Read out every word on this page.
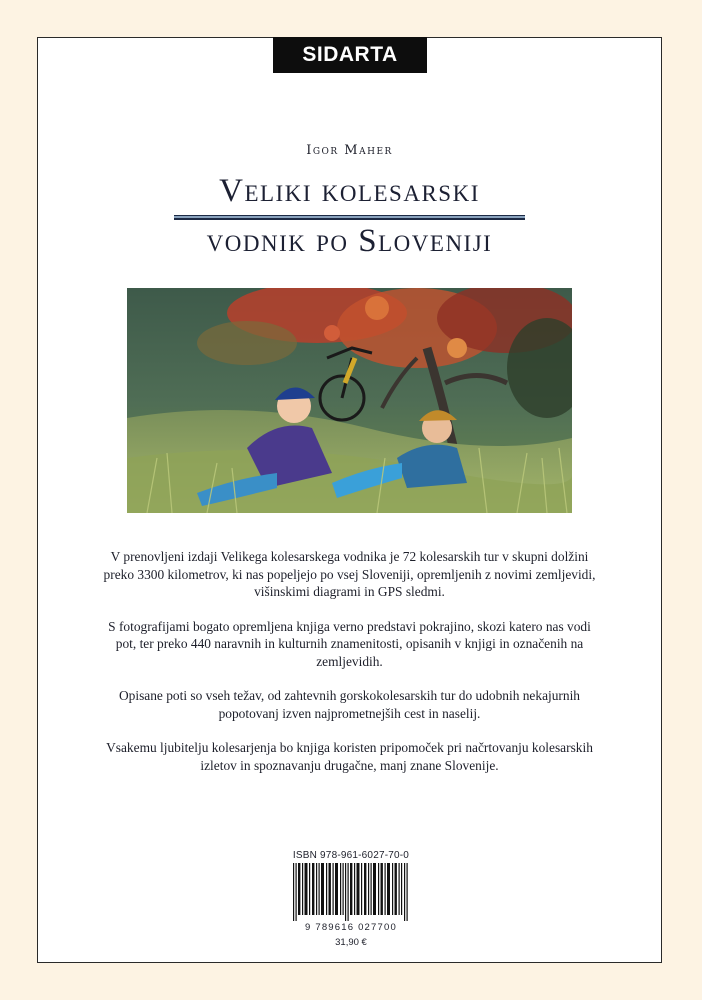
SIDARTA
Igor Maher
Veliki kolesarski
vodnik po Sloveniji

V prenovljeni izdaji Velikega kolesarskega vodnika je 72 kolesarskih tur v skupni dolžini preko 3300 kilometrov, ki nas popeljejo po vsej Sloveniji, opremljenih z novimi zemljevidi, višinskimi diagrami in GPS sledmi.

S fotografijami bogato opremljena knjiga verno predstavi pokrajino, skozi katero nas vodi pot, ter preko 440 naravnih in kulturnih znamenitosti, opisanih v knjigi in označenih na zemljevidih.

Opisane poti so vseh težav, od zahtevnih gorskokolesarskih tur do udobnih nekajurnih popotovanj izven najprometnejših cest in naselij.

Vsakemu ljubitelju kolesarjenja bo knjiga koristen pripomoček pri načrtovanju kolesarskih izletov in spoznavanju drugačne, manj znane Slovenije.

ISBN 978-961-6027-70-0
9 789616 027700
31,90 €
